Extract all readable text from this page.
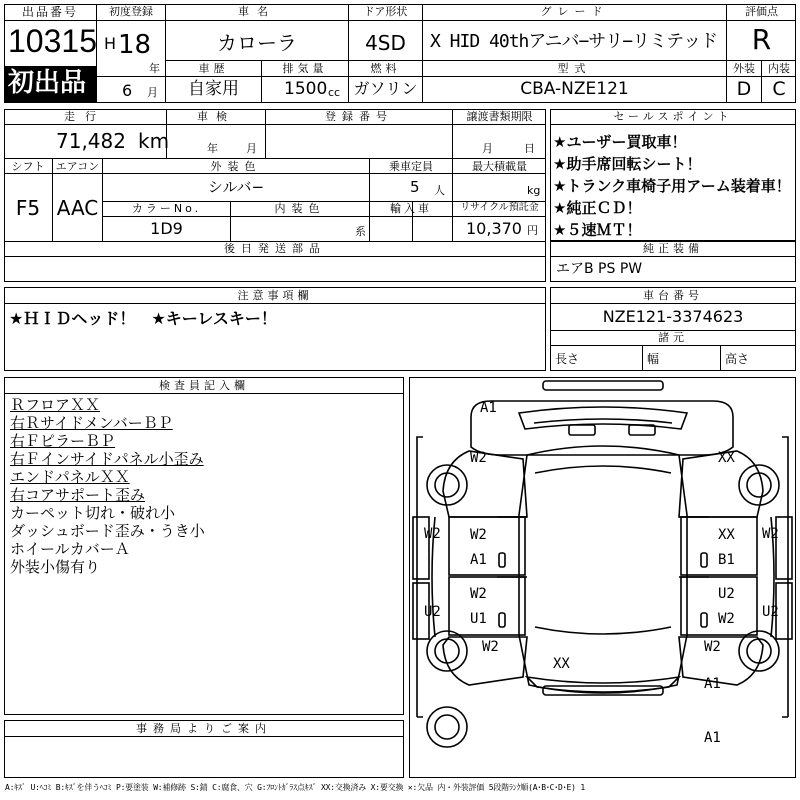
出品番号
10315
初出品
初度登録
H 18
年
6 月
車名
カローラ
ドア形状
4SD
グレード
X HID 40thアニバ−サリ−リミテッド
評価点
R
車歴
自家用
排気量
1500 cc
燃料
ガソリン
型式
CBA-NZE121
外装
D
内装
C
走行
71,482 km
車検
年	月
登録番号	譲渡書類期限
月	日
シフト
F5
エアコン
AAC
外装色
シルバ−
乗車定員
5 人
最大積載量
kg
カラーNo.
1D9
内装色
系
輸入車	リサイクル預託金
10,370 円
後日発送部品
セールスポイント
★ユーザー買取車！
★助手席回転シート！
★トランク車椅子用アーム装着車！
★純正ＣＤ！
★５速ＭＴ！
純正装備
エアB PS PW
注意事項欄
★ＨＩＤヘッド！　★キーレスキー！
車台番号
NZE121-3374623
諸元
長さ	幅	高さ
検査員記入欄
ＲフロアＸＸ
右ＲサイドメンバーＢＰ
右ＦピラーＢＰ
右Ｆインサイドパネル小歪み
エンドパネルＸＸ
右コアサポート歪み
カーペット切れ・破れ小
ダッシュボード歪み・うき小
ホイールカバーＡ
外装小傷有り
事務局よりご案内
A1
W2	XX
W2 W2	XX W2
A1	B1
U2
W2	U2
U1	W2 U2
W2	W2
XX
A1
A1
A:ｷｽﾞ U:ﾍｺﾐ B:ｷｽﾞを伴うﾍｺﾐ P:要塗装 W:補修跡 S:錆 C:腐食、穴 G:ﾌﾛﾝﾄｶﾞﾗｽ点ｷｽﾞ XX:交換済み X:要交換 ✕:欠品 内・外装評価 5段階ﾗﾝｸ順(A･B･C･D･E) 1
